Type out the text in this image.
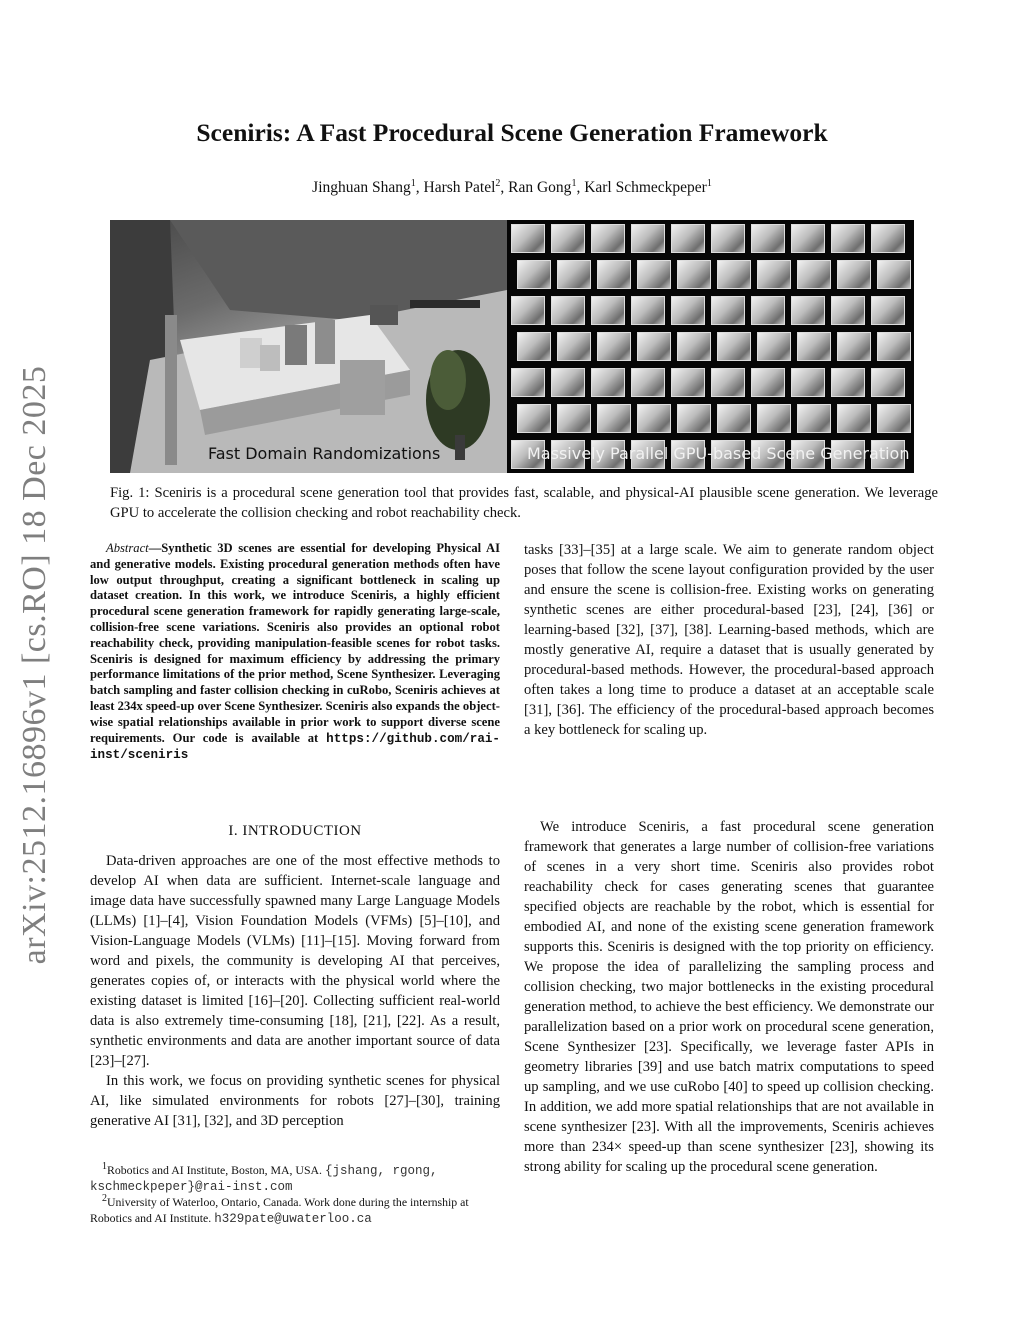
arXiv:2512.16896v1 [cs.RO] 18 Dec 2025
Sceniris: A Fast Procedural Scene Generation Framework
Jinghuan Shang$^1$, Harsh Patel$^2$, Ran Gong$^1$, Karl Schmeckpeper$^1$
Fast Domain Randomizations	Massively Parallel GPU-based Scene Generation
Fig. 1: Sceniris is a procedural scene generation tool that provides fast, scalable, and physical-AI plausible scene generation. We leverage GPU to accelerate the collision checking and robot reachability check.
Abstract—Synthetic 3D scenes are essential for developing Physical AI and generative models. Existing procedural generation methods often have low output throughput, creating a significant bottleneck in scaling up dataset creation. In this work, we introduce Sceniris, a highly efficient procedural scene generation framework for rapidly generating large-scale, collision-free scene variations. Sceniris also provides an optional robot reachability check, providing manipulation-feasible scenes for robot tasks. Sceniris is designed for maximum efficiency by addressing the primary performance limitations of the prior method, Scene Synthesizer. Leveraging batch sampling and faster collision checking in cuRobo, Sceniris achieves at least 234x speed-up over Scene Synthesizer. Sceniris also expands the object-wise spatial relationships available in prior work to support diverse scene requirements. Our code is available at https://github.com/rai-inst/sceniris
I. INTRODUCTION

Data-driven approaches are one of the most effective methods to develop AI when data are sufficient. Internet-scale language and image data have successfully spawned many Large Language Models (LLMs) [1]–[4], Vision Foundation Models (VFMs) [5]–[10], and Vision-Language Models (VLMs) [11]–[15]. Moving forward from word and pixels, the community is developing AI that perceives, generates copies of, or interacts with the physical world where the existing dataset is limited [16]–[20]. Collecting sufficient real-world data is also extremely time-consuming [18], [21], [22]. As a result, synthetic environments and data are another important source of data [23]–[27].

In this work, we focus on providing synthetic scenes for physical AI, like simulated environments for robots [27]–[30], training generative AI [31], [32], and 3D perception

$^1$Robotics and AI Institute, Boston, MA, USA. {jshang, rgong, kschmeckpeper}@rai-inst.com
$^2$University of Waterloo, Ontario, Canada. Work done during the internship at Robotics and AI Institute. h329pate@uwaterloo.ca

tasks [33]–[35] at a large scale. We aim to generate random object poses that follow the scene layout configuration provided by the user and ensure the scene is collision-free. Existing works on generating synthetic scenes are either procedural-based [23], [24], [36] or learning-based [32], [37], [38]. Learning-based methods, which are mostly generative AI, require a dataset that is usually generated by procedural-based methods. However, the procedural-based approach often takes a long time to produce a dataset at an acceptable scale [31], [36]. The efficiency of the procedural-based approach becomes a key bottleneck for scaling up.

We introduce Sceniris, a fast procedural scene generation framework that generates a large number of collision-free variations of scenes in a very short time. Sceniris also provides robot reachability check for cases generating scenes that guarantee specified objects are reachable by the robot, which is essential for embodied AI, and none of the existing scene generation framework supports this. Sceniris is designed with the top priority on efficiency. We propose the idea of parallelizing the sampling process and collision checking, two major bottlenecks in the existing procedural generation method, to achieve the best efficiency. We demonstrate our parallelization based on a prior work on procedural scene generation, Scene Synthesizer [23]. Specifically, we leverage faster APIs in geometry libraries [39] and use batch matrix computations to speed up sampling, and we use cuRobo [40] to speed up collision checking. In addition, we add more spatial relationships that are not available in scene synthesizer [23]. With all the improvements, Sceniris achieves more than 234× speed-up than scene synthesizer [23], showing its strong ability for scaling up the procedural scene generation.
